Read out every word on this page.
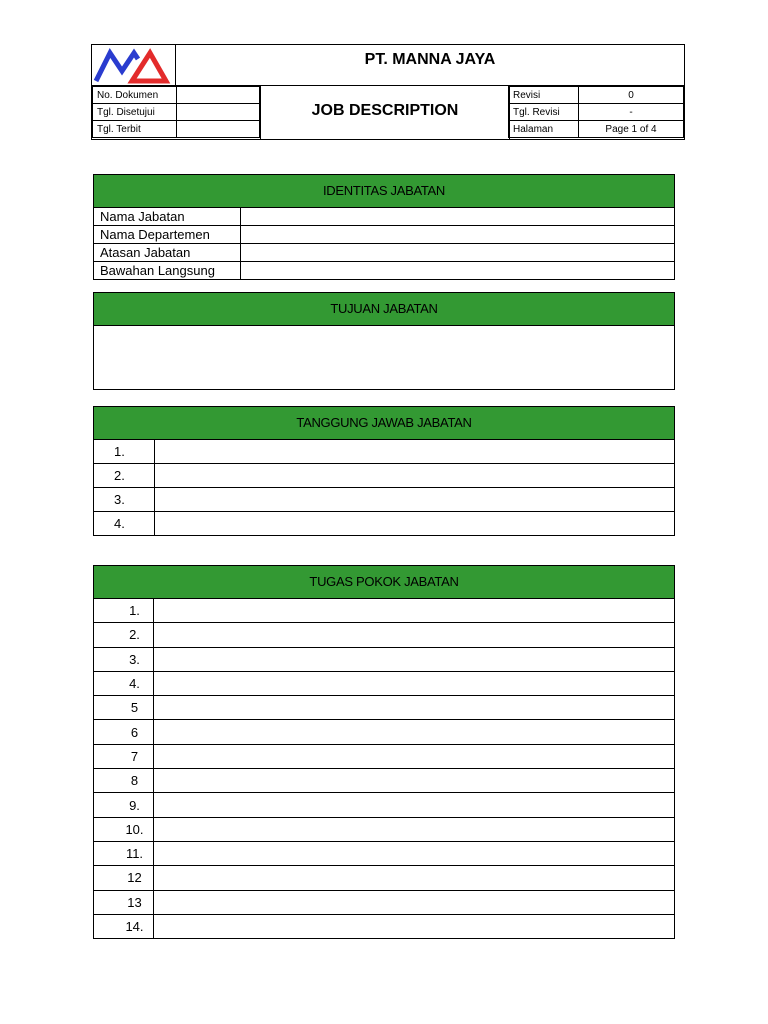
PT. MANNA JAYA
No. Dokumen	
Tgl. Disetujui	
Tgl. Terbit	
JOB DESCRIPTION
Revisi	0
Tgl. Revisi	-
Halaman	Page 1 of 4
IDENTITAS JABATAN
Nama Jabatan	
Nama Departemen	
Atasan Jabatan	
Bawahan Langsung	
TUJUAN JABATAN
TANGGUNG JAWAB JABATAN
1.	
2.	
3.	
4.	
TUGAS POKOK JABATAN
1.	
2.	
3.	
4.	
5	
6	
7	
8	
9.	
10.	
11.	
12	
13	
14.	
